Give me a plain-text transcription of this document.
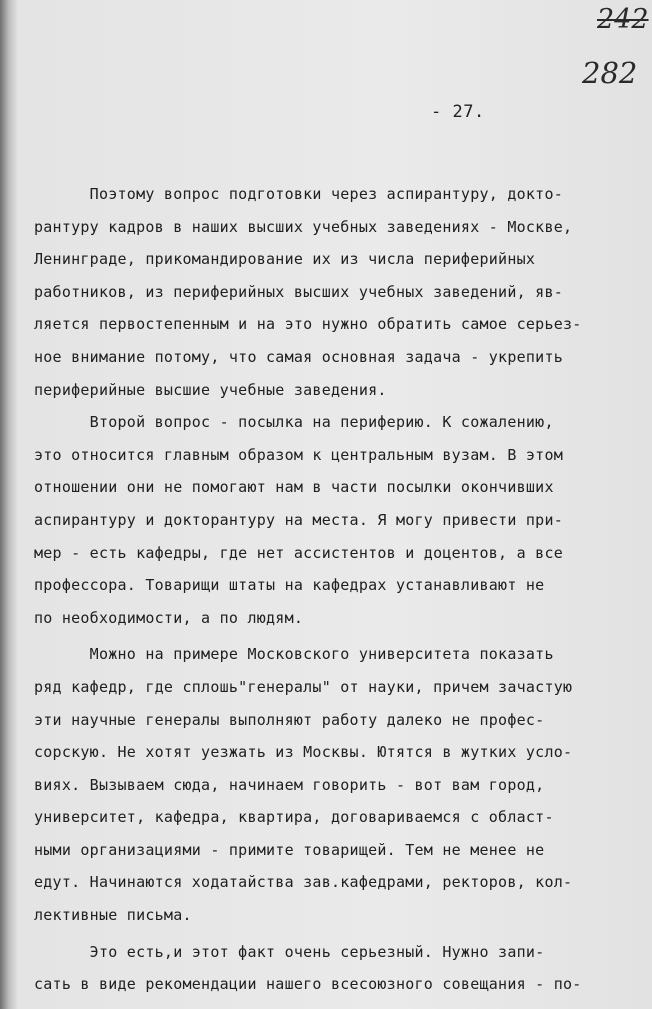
242
282
- 27.
Поэтому вопрос подготовки через аспирантуру, докто-
рантуру кадров в наших высших учебных заведениях - Москве,
Ленинграде, прикомандирование их из числа периферийных
работников, из периферийных высших учебных заведений, яв-
ляется первостепенным и на это нужно обратить самое серьез-
ное внимание потому, что самая основная задача - укрепить
периферийные высшие учебные заведения.
Второй вопрос - посылка на периферию. К сожалению,
это относится главным образом к центральным вузам. В этом
отношении они не помогают нам в части посылки окончивших
аспирантуру и докторантуру на места. Я могу привести при-
мер - есть кафедры, где нет ассистентов и доцентов, а все
профессора. Товарищи штаты на кафедрах устанавливают не
по необходимости, а по людям.
Можно на примере Московского университета показать
ряд кафедр, где сплошь"генералы" от науки, причем зачастую
эти научные генералы выполняют работу далеко не профес-
сорскую. Не хотят уезжать из Москвы. Ютятся в жутких усло-
виях. Вызываем сюда, начинаем говорить - вот вам город,
университет, кафедра, квартира, договариваемся с област-
ными организациями - примите товарищей. Тем не менее не
едут. Начинаются ходатайства зав.кафедрами, ректоров, кол-
лективные письма.
Это есть,и этот факт очень серьезный. Нужно запи-
сать в виде рекомендации нашего всесоюзного совещания - по-
